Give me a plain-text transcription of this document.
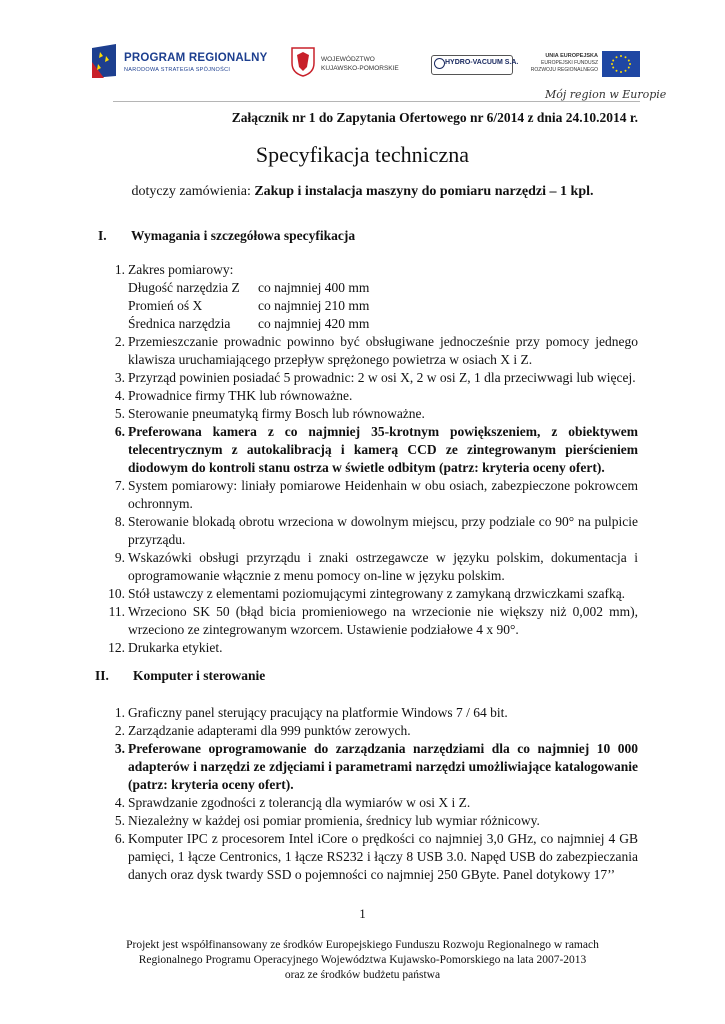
PROGRAM REGIONALNY
NARODOWA STRATEGIA SPÓJNOŚCI
WOJEWÓDZTWO
KUJAWSKO-POMORSKIE
HYDRO-VACUUM S.A.
UNIA EUROPEJSKA
EUROPEJSKI FUNDUSZ
ROZWOJU REGIONALNEGO
Mój region w Europie
Załącznik nr 1 do Zapytania Ofertowego nr 6/2014 z dnia 24.10.2014 r.
Specyfikacja techniczna
dotyczy zamówienia: Zakup i instalacja maszyny do pomiaru narzędzi – 1 kpl.
I. Wymagania i szczegółowa specyfikacja
1. Zakres pomiarowy:
Długość narzędzia Z	co najmniej 400 mm
Promień oś X	co najmniej 210 mm
Średnica narzędzia	co najmniej 420 mm
2. Przemieszczanie prowadnic powinno być obsługiwane jednocześnie przy pomocy jednego klawisza uruchamiającego przepływ sprężonego powietrza w osiach X i Z.
3. Przyrząd powinien posiadać 5 prowadnic: 2 w osi X, 2 w osi Z, 1 dla przeciwwagi lub więcej.
4. Prowadnice firmy THK lub równoważne.
5. Sterowanie pneumatyką firmy Bosch lub równoważne.
6. Preferowana kamera z co najmniej 35-krotnym powiększeniem, z obiektywem telecentrycznym z autokalibracją i kamerą CCD ze zintegrowanym pierścieniem diodowym do kontroli stanu ostrza w świetle odbitym (patrz: kryteria oceny ofert).
7. System pomiarowy: liniały pomiarowe Heidenhain w obu osiach, zabezpieczone pokrowcem ochronnym.
8. Sterowanie blokadą obrotu wrzeciona w dowolnym miejscu, przy podziale co 90° na pulpicie przyrządu.
9. Wskazówki obsługi przyrządu i znaki ostrzegawcze w języku polskim, dokumentacja i oprogramowanie włącznie z menu pomocy on-line w języku polskim.
10. Stół ustawczy z elementami poziomującymi zintegrowany z zamykaną drzwiczkami szafką.
11. Wrzeciono SK 50 (błąd bicia promieniowego na wrzecionie nie większy niż 0,002 mm), wrzeciono ze zintegrowanym wzorcem. Ustawienie podziałowe 4 x 90°.
12. Drukarka etykiet.
II. Komputer i sterowanie
1. Graficzny panel sterujący pracujący na platformie Windows 7 / 64 bit.
2. Zarządzanie adapterami dla 999 punktów zerowych.
3. Preferowane oprogramowanie do zarządzania narzędziami dla co najmniej 10 000 adapterów i narzędzi ze zdjęciami i parametrami narzędzi umożliwiające katalogowanie (patrz: kryteria oceny ofert).
4. Sprawdzanie zgodności z tolerancją dla wymiarów w osi X i Z.
5. Niezależny w każdej osi pomiar promienia, średnicy lub wymiar różnicowy.
6. Komputer IPC z procesorem Intel iCore o prędkości co najmniej 3,0 GHz, co najmniej 4 GB pamięci, 1 łącze Centronics, 1 łącze RS232 i łączy 8 USB 3.0. Napęd USB do zabezpieczania danych oraz dysk twardy SSD o pojemności co najmniej 250 GByte. Panel dotykowy 17’’
1
Projekt jest współfinansowany ze środków Europejskiego Funduszu Rozwoju Regionalnego w ramach
Regionalnego Programu Operacyjnego Województwa Kujawsko-Pomorskiego na lata 2007-2013
oraz ze środków budżetu państwa
